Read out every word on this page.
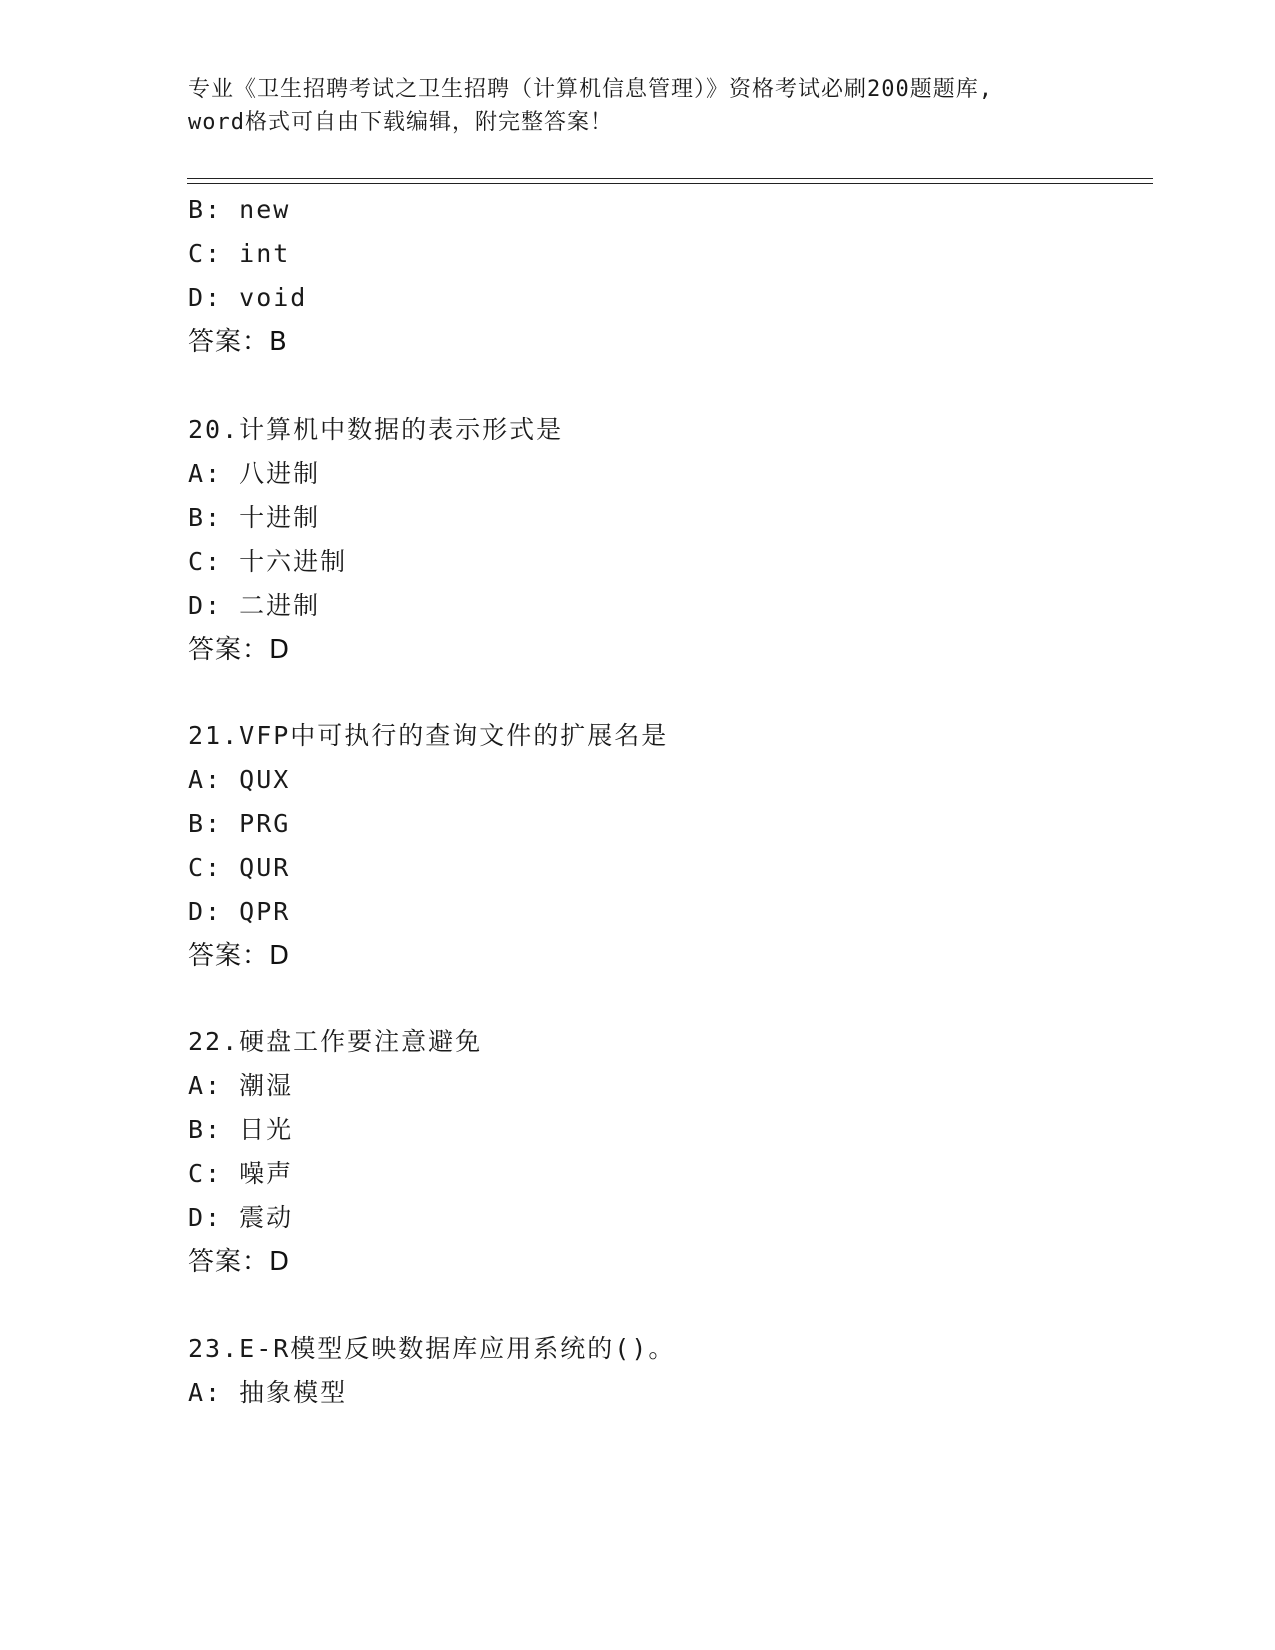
专业《卫生招聘考试之卫生招聘（计算机信息管理）》资格考试必刷200题题库,
word格式可自由下载编辑，附完整答案！
B: new
C: int
D: void
答案：B
20.计算机中数据的表示形式是
A: 八进制
B: 十进制
C: 十六进制
D: 二进制
答案：D
21.VFP中可执行的查询文件的扩展名是
A: QUX
B: PRG
C: QUR
D: QPR
答案：D
22.硬盘工作要注意避免
A: 潮湿
B: 日光
C: 噪声
D: 震动
答案：D
23.E-R模型反映数据库应用系统的()。
A: 抽象模型
